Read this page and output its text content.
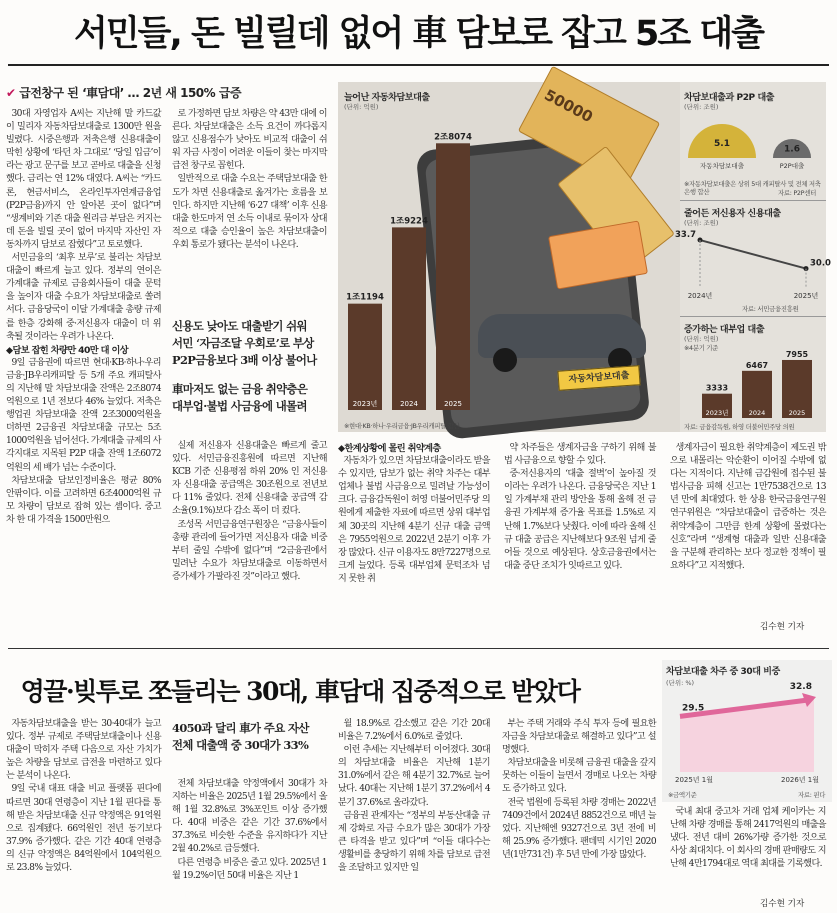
서민들, 돈 빌릴데 없어 車 담보로 잡고 5조 대출
✔ 급전창구 된 ‘車담대’ … 2년 새 150% 급증

30대 자영업자 A씨는 지난해 말 카드값이 밀리자 자동차담보대출로 1300만 원을 빌렸다. 시중은행과 저축은행 신용대출이 막힌 상황에 ‘타던 차 그대로’ ‘당일 입금’이라는 광고 문구를 보고 곧바로 대출을 신청했다. 금리는 연 12% 대였다. A씨는 “카드론, 현금서비스, 온라인투자연계금융업(P2P금융)까지 안 알아본 곳이 없다”며 “생계비와 기존 대출 원리금 부담은 커지는데 돈을 빌릴 곳이 없어 마지막 자산인 자동차까지 담보로 잡혔다”고 토로했다.

서민금융의 ‘최후 보루’로 불리는 차담보대출이 빠르게 늘고 있다. 정부의 연이은 가계대출 규제로 금융회사들이 대출 문턱을 높이자 대출 수요가 차담보대출로 쏠려서다. 금융당국이 이달 가계대출 총량 규제를 한층 강화해 중·저신용자 대출이 더 위축될 것이라는 우려가 나온다.

◆담보 잡힌 차량만 40만 대 이상

9일 금융권에 따르면 현대·KB·하나·우리금융·JB우리캐피탈 등 5개 주요 캐피탈사의 지난해 말 차담보대출 잔액은 2조8074억원으로 1년 전보다 46% 늘었다. 저축은행업권 차담보대출 잔액 2조3000억원을 더하면 2금융권 차담보대출 규모는 5조1000억원을 넘어선다. 가계대출 규제의 사각지대로 지목된 P2P 대출 잔액 1조6072억원의 세 배가 넘는 수준이다.

차담보대출 담보인정비율은 평균 80% 안팎이다. 이를 고려하면 6조4000억원 규모 차량이 담보로 잡혀 있는 셈이다. 중고차 한 대 가격을 1500만원으

로 가정하면 담보 차량은 약 43만 대에 이른다. 차담보대출은 소득 요건이 까다롭지 않고 신용점수가 낮아도 비교적 대출이 쉬워 자금 사정이 어려운 이들이 찾는 마지막 급전 창구로 꼽힌다.

일반적으로 대출 수요는 주택담보대출 한도가 차면 신용대출로 옮겨가는 흐름을 보인다. 하지만 지난해 ‘6·27 대책’ 이후 신용대출 한도마저 연 소득 이내로 묶이자 상대적으로 대출 승인율이 높은 차담보대출이 우회 통로가 됐다는 분석이 나온다.

신용도 낮아도 대출받기 쉬워
서민 ‘자금조달 우회로’로 부상
P2P금융보다 3배 이상 불어나
車마저도 없는 금융 취약층은
대부업·불법 사금융에 내몰려

실제 저신용자 신용대출은 빠르게 줄고 있다. 서민금융진흥원에 따르면 지난해 KCB 기준 신용평점 하위 20% 인 저신용자 신용대출 공급액은 30조원으로 전년보다 11% 줄었다. 전체 신용대출 공급액 감소율(9.1%)보다 감소 폭이 더 컸다.

조성목 서민금융연구원장은 “금융사들이 총량 관리에 들어가면 저신용자 대출 비중부터 줄일 수밖에 없다”며 “2금융권에서 밀려난 수요가 차담보대출로 이동하면서 증가세가 가팔라진 것”이라고 했다.

50000
자동차담보대출
늘어난 자동차담보대출
(단위: 억원)
1조1194
2023년
1조9224
2024
2조8074
2025
※현대·KB·하나·우리금융·JB우리캐피탈 합산
차담보대출과 P2P 대출
(단위: 조원)
5.1
자동차담보대출
1.6
P2P대출
※자동차담보대출은 상위 5대 캐피탈사 및 전체 저축은행 합산	자료: P2P센터
줄어든 저신용자 신용대출
(단위: 조원)
33.7
2024년
30.0
2025년
자료: 서민금융진흥원
증가하는 대부업 대출
(단위: 억원)
※4분기 기준
3333
2023년
6467
2024
7955
2025
자료: 금융감독원, 하영 더불어민주당 의원

◆한계상황에 몰린 취약계층

자동차가 있으면 차담보대출이라도 받을 수 있지만, 담보가 없는 취약 차주는 대부업체나 불법 사금융으로 밀려날 가능성이 크다. 금융감독원이 허영 더불어민주당 의원에게 제출한 자료에 따르면 상위 대부업체 30곳의 지난해 4분기 신규 대출 금액은 7955억원으로 2022년 2분기 이후 가장 많았다. 신규 이용자도 8만7227명으로 크게 늘었다. 등록 대부업체 문턱조차 넘지 못한 취

약 차주들은 생계자금을 구하기 위해 불법 사금융으로 향할 수 있다.

중·저신용자의 ‘대출 절벽’이 높아질 것이라는 우려가 나온다. 금융당국은 지난 1일 가계부채 관리 방안을 통해 올해 전 금융권 가계부채 증가율 목표를 1.5%로 지난해 1.7%보다 낮췄다. 이에 따라 올해 신규 대출 공급은 지난해보다 9조원 넘게 줄어들 것으로 예상된다. 상호금융권에서는 대출 중단 조치가 잇따르고 있다.

생계자금이 필요한 취약계층이 제도권 밖으로 내몰리는 악순환이 이어질 수밖에 없다는 지적이다. 지난해 금감원에 접수된 불법사금융 피해 신고는 1만7538건으로 13년 만에 최대였다. 한 상용 한국금융연구원 연구위원은 “차담보대출이 급증하는 것은 취약계층이 그만큼 한계 상황에 몰렸다는 신호”라며 “생계형 대출과 일반 신용대출을 구분해 관리하는 보다 정교한 정책이 필요하다”고 지적했다.

김수현 기자
영끌·빚투로 쪼들리는 30대, 車담대 집중적으로 받았다
차담보대출 차주 중 30대 비중
(단위: %)
29.5
32.8
2025년 1월	2026년 1월
※금액기준	자료: 핀다

자동차담보대출을 받는 30·40대가 늘고 있다. 정부 규제로 주택담보대출이나 신용대출이 막히자 주택 다음으로 자산 가치가 높은 차량을 담보로 급전을 마련하고 있다는 분석이 나온다.

9일 국내 대표 대출 비교 플랫폼 핀다에 따르면 30대 연령층이 지난 1월 핀다를 통해 받은 차담보대출 신규 약정액은 91억원으로 집계됐다. 66억원인 전년 동기보다 37.9% 증가했다. 같은 기간 40대 연령층의 신규 약정액은 84억원에서 104억원으로 23.8% 늘었다.

4050과 달리 車가 주요 자산
전체 대출액 중 30대가 33%

전체 차담보대출 약정액에서 30대가 차지하는 비율은 2025년 1월 29.5%에서 올해 1월 32.8%로 3%포인트 이상 증가했다. 40대 비중은 같은 기간 37.6%에서 37.3%로 비슷한 수준을 유지하다가 지난 2월 40.2%로 급등했다.

다른 연령층 비중은 줄고 있다. 2025년 1월 19.2%이던 50대 비율은 지난 1

월 18.9%로 감소했고 같은 기간 20대 비율은 7.2%에서 6.0%로 줄었다.

이런 추세는 지난해부터 이어졌다. 30대의 차담보대출 비율은 지난해 1분기 31.0%에서 같은 해 4분기 32.7%로 늘어났다. 40대는 지난해 1분기 37.2%에서 4분기 37.6%로 올라갔다.

금융권 관계자는 “정부의 부동산대출 규제 강화로 자금 수요가 많은 30대가 가장 큰 타격을 받고 있다”며 “이들 대다수는 생활비를 충당하기 위해 차를 담보로 급전을 조달하고 있지만 일

부는 주택 거래와 주식 투자 등에 필요한 자금을 차담보대출로 해결하고 있다”고 설명했다.

차담보대출을 비롯해 금융권 대출을 갚지 못하는 이들이 늘면서 경매로 나오는 차량도 증가하고 있다.

전국 법원에 등록된 차량 경매는 2022년 7409건에서 2024년 8852건으로 매년 늘었다. 지난해엔 9327건으로 3년 전에 비해 25.9% 증가했다. 팬데믹 시기인 2020년(1만731건) 후 5년 만에 가장 많았다.

국내 최대 중고차 거래 업체 케이카는 지난해 차량 경매를 통해 2417억원의 매출을 냈다. 전년 대비 26%가량 증가한 것으로 사상 최대치다. 이 회사의 경매 판매량도 지난해 4만1794대로 역대 최대를 기록했다.

김수현 기자
